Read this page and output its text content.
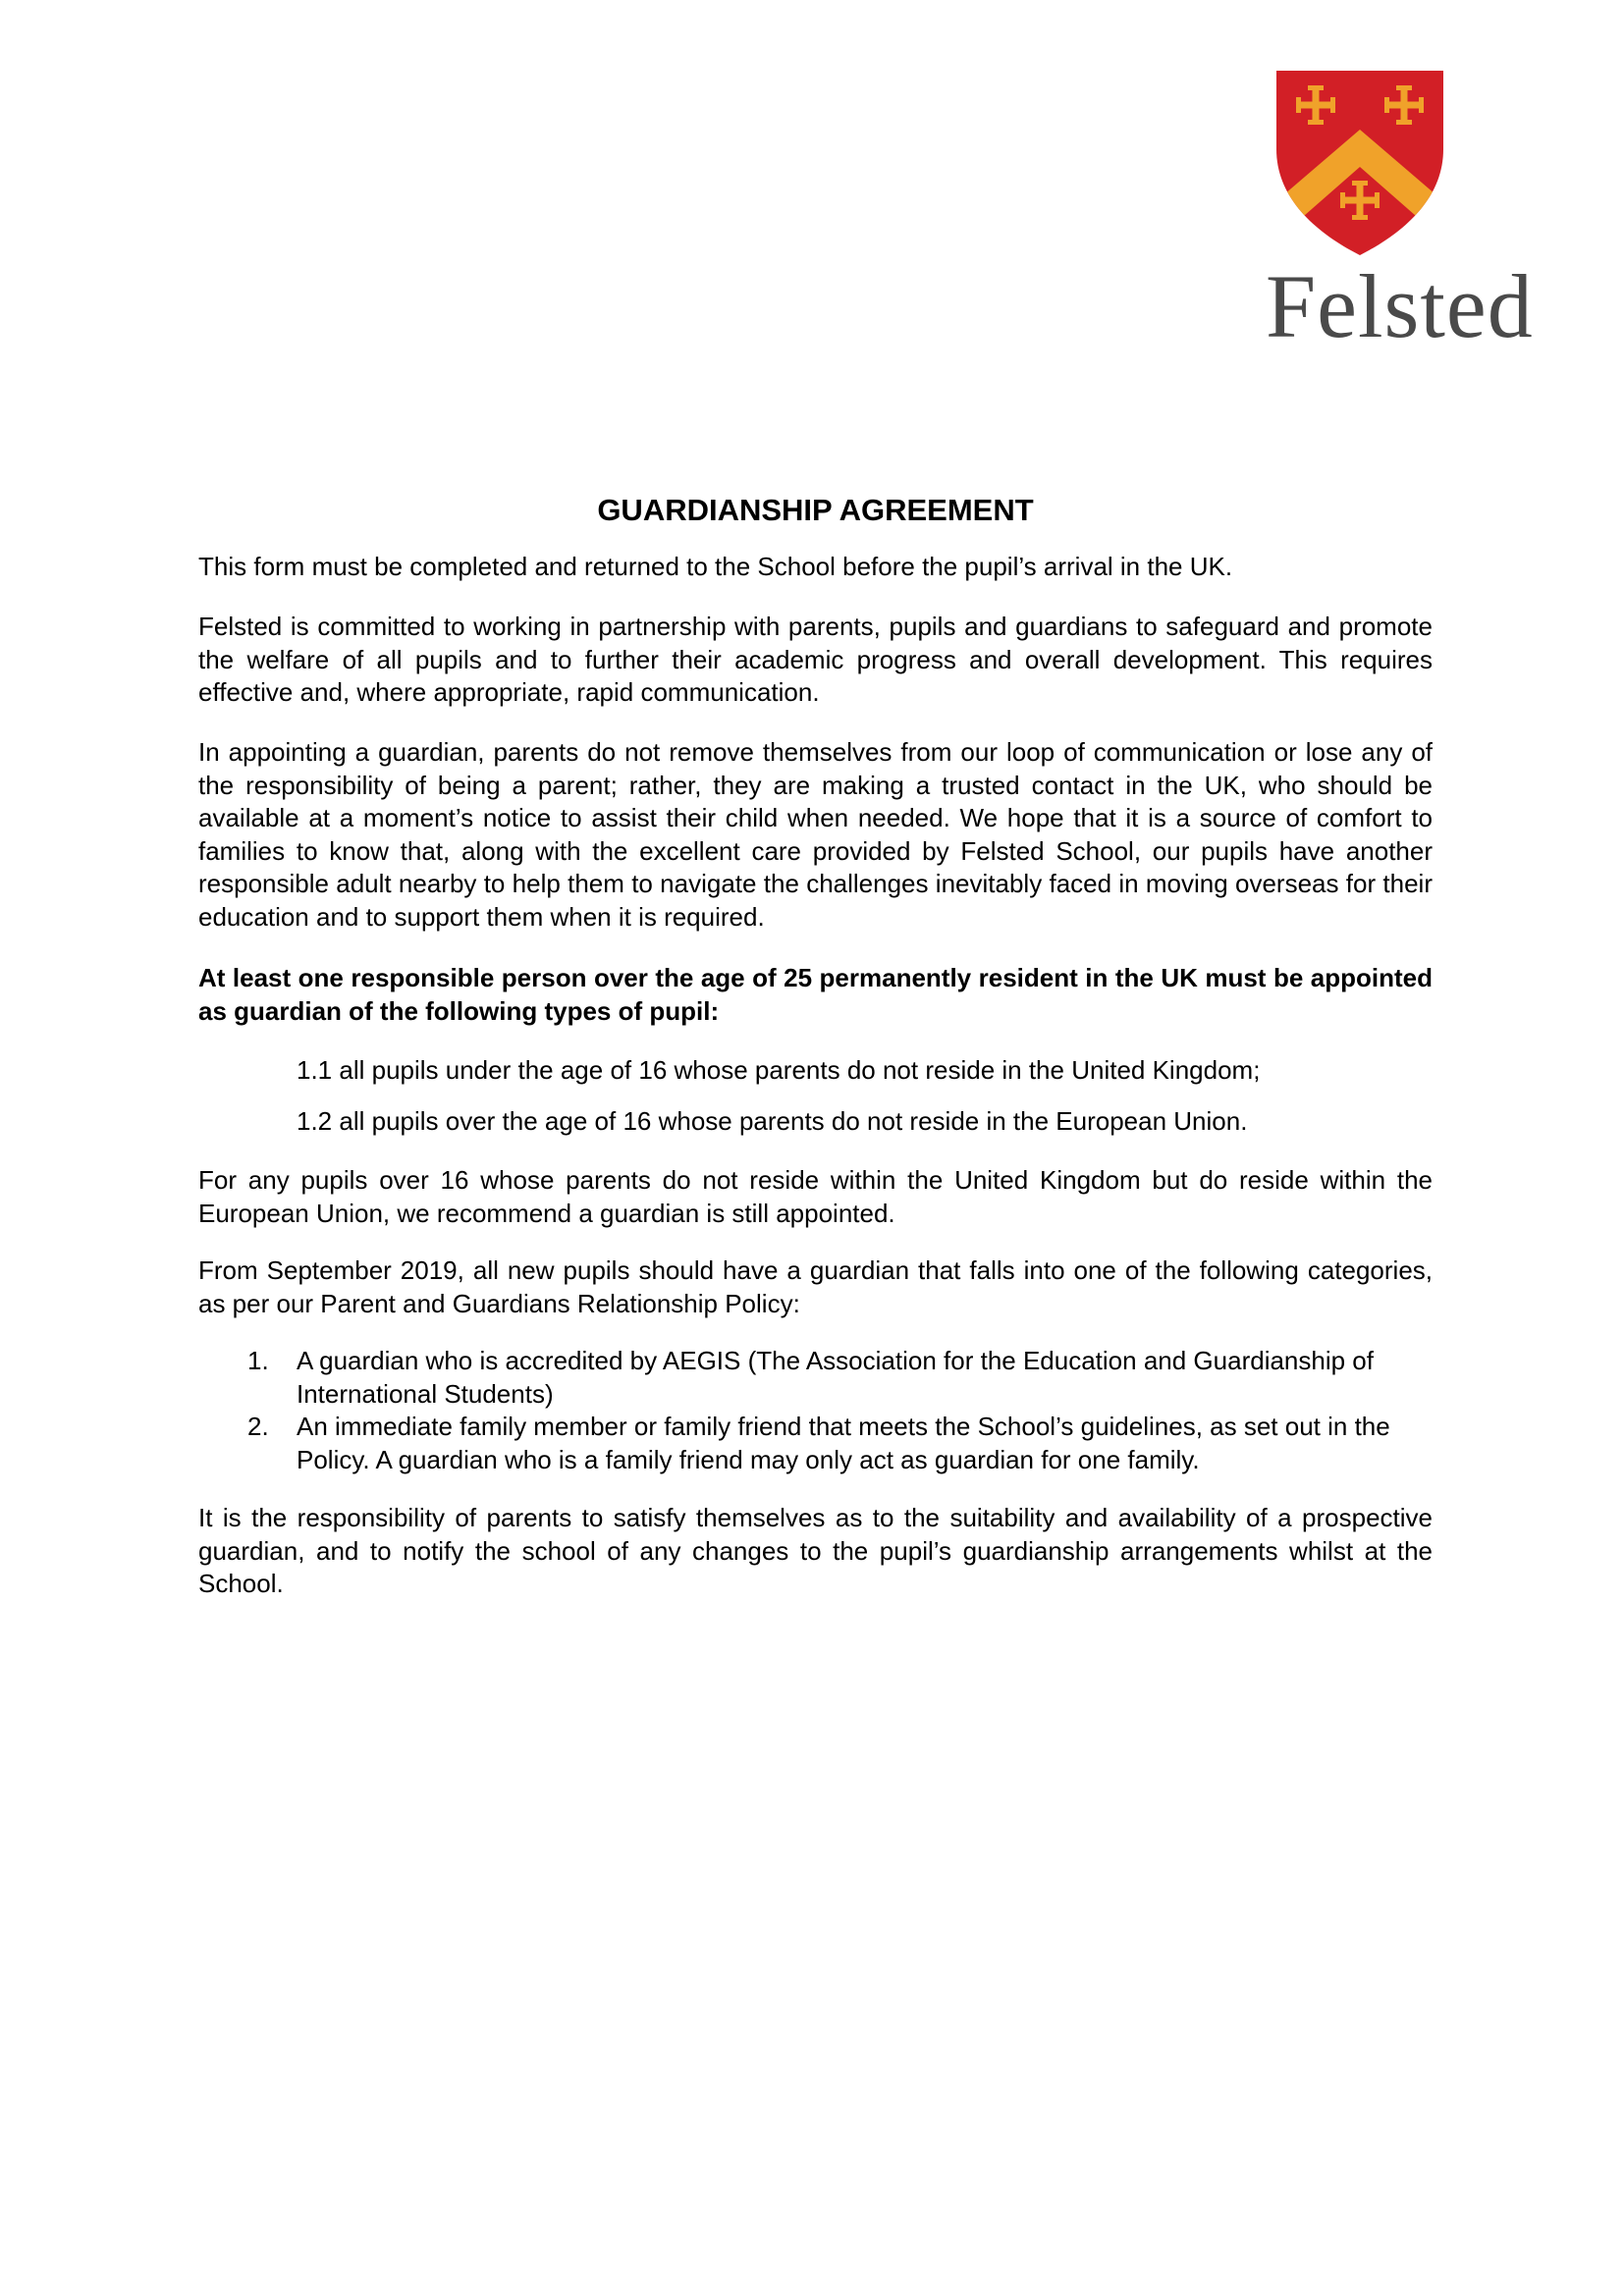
Felsted
GUARDIANSHIP AGREEMENT
This form must be completed and returned to the School before the pupil’s arrival in the UK.
Felsted is committed to working in partnership with parents, pupils and guardians to safeguard and promote the welfare of all pupils and to further their academic progress and overall development. This requires effective and, where appropriate, rapid communication.
In appointing a guardian, parents do not remove themselves from our loop of communication or lose any of the responsibility of being a parent; rather, they are making a trusted contact in the UK, who should be available at a moment’s notice to assist their child when needed. We hope that it is a source of comfort to families to know that, along with the excellent care provided by Felsted School, our pupils have another responsible adult nearby to help them to navigate the challenges inevitably faced in moving overseas for their education and to support them when it is required.
At least one responsible person over the age of 25 permanently resident in the UK must be appointed as guardian of the following types of pupil:
1.1 all pupils under the age of 16 whose parents do not reside in the United Kingdom;
1.2 all pupils over the age of 16 whose parents do not reside in the European Union.
For any pupils over 16 whose parents do not reside within the United Kingdom but do reside within the European Union, we recommend a guardian is still appointed.
From September 2019, all new pupils should have a guardian that falls into one of the following categories, as per our Parent and Guardians Relationship Policy:
1. A guardian who is accredited by AEGIS (The Association for the Education and Guardianship of International Students)
2. An immediate family member or family friend that meets the School’s guidelines, as set out in the Policy. A guardian who is a family friend may only act as guardian for one family.
It is the responsibility of parents to satisfy themselves as to the suitability and availability of a prospective guardian, and to notify the school of any changes to the pupil’s guardianship arrangements whilst at the School.
